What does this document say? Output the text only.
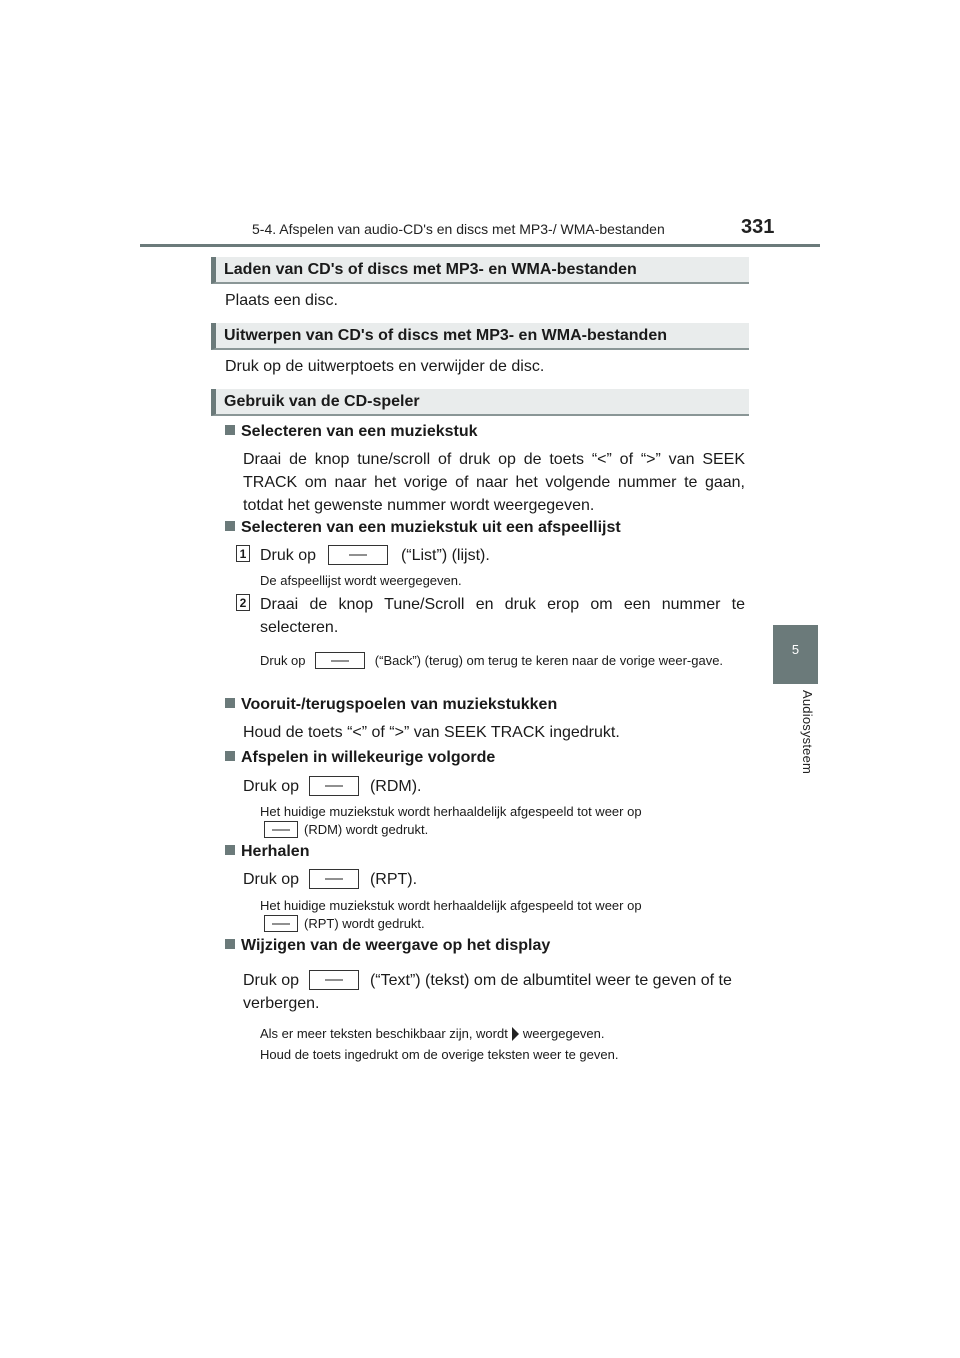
5-4. Afspelen van audio-CD's en discs met MP3-/ WMA-bestanden	331
5
Audiosysteem
Laden van CD's of discs met MP3- en WMA-bestanden
Plaats een disc.
Uitwerpen van CD's of discs met MP3- en WMA-bestanden
Druk op de uitwerptoets en verwijder de disc.
Gebruik van de CD-speler
Selecteren van een muziekstuk
Draai de knop tune/scroll of druk op de toets “<” of “>” van SEEK TRACK om naar het vorige of naar het volgende nummer te gaan, totdat het gewenste nummer wordt weergegeven.
Selecteren van een muziekstuk uit een afspeellijst
1 Druk op	(“List”) (lijst).
De afspeellijst wordt weergegeven.
2 Draai de knop Tune/Scroll en druk erop om een nummer te selecteren.
Druk op	(“Back”) (terug) om terug te keren naar de vorige weer-gave.
Vooruit-/terugspoelen van muziekstukken
Houd de toets “<” of “>” van SEEK TRACK ingedrukt.
Afspelen in willekeurige volgorde
Druk op	(RDM).
Het huidige muziekstuk wordt herhaaldelijk afgespeeld tot weer op
(RDM) wordt gedrukt.
Herhalen
Druk op	(RPT).
Het huidige muziekstuk wordt herhaaldelijk afgespeeld tot weer op
(RPT) wordt gedrukt.
Wijzigen van de weergave op het display
Druk op	(“Text”) (tekst) om de albumtitel weer te geven of te verbergen.
Als er meer teksten beschikbaar zijn, wordt weergegeven.
Houd de toets ingedrukt om de overige teksten weer te geven.
